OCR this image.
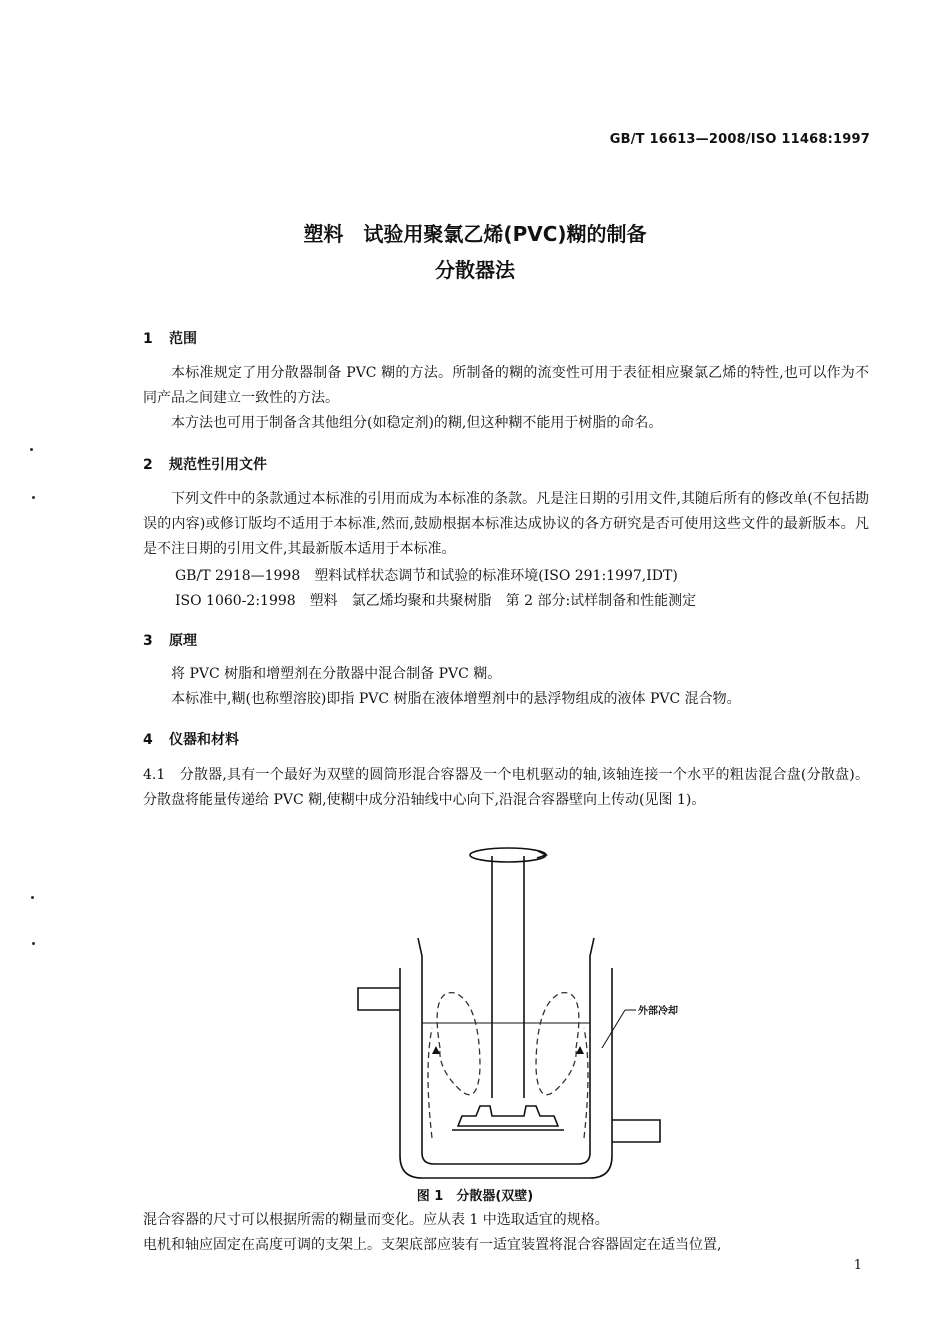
GB/T 16613—2008/ISO 11468:1997
塑料　试验用聚氯乙烯(PVC)糊的制备
分散器法
1 范围
本标准规定了用分散器制备 PVC 糊的方法。所制备的糊的流变性可用于表征相应聚氯乙烯的特性,也可以作为不同产品之间建立一致性的方法。
本方法也可用于制备含其他组分(如稳定剂)的糊,但这种糊不能用于树脂的命名。
2 规范性引用文件
下列文件中的条款通过本标准的引用而成为本标准的条款。凡是注日期的引用文件,其随后所有的修改单(不包括勘误的内容)或修订版均不适用于本标准,然而,鼓励根据本标准达成协议的各方研究是否可使用这些文件的最新版本。凡是不注日期的引用文件,其最新版本适用于本标准。
GB/T 2918—1998　塑料试样状态调节和试验的标准环境(ISO 291:1997,IDT)
ISO 1060-2:1998　塑料　氯乙烯均聚和共聚树脂　第 2 部分:试样制备和性能测定
3 原理
将 PVC 树脂和增塑剂在分散器中混合制备 PVC 糊。
本标准中,糊(也称塑溶胶)即指 PVC 树脂在液体增塑剂中的悬浮物组成的液体 PVC 混合物。
4 仪器和材料
4.1　分散器,具有一个最好为双壁的圆筒形混合容器及一个电机驱动的轴,该轴连接一个水平的粗齿混合盘(分散盘)。分散盘将能量传递给 PVC 糊,使糊中成分沿轴线中心向下,沿混合容器壁向上传动(见图 1)。
外部冷却
图 1　分散器(双壁)
混合容器的尺寸可以根据所需的糊量而变化。应从表 1 中选取适宜的规格。
电机和轴应固定在高度可调的支架上。支架底部应装有一适宜装置将混合容器固定在适当位置,
1
